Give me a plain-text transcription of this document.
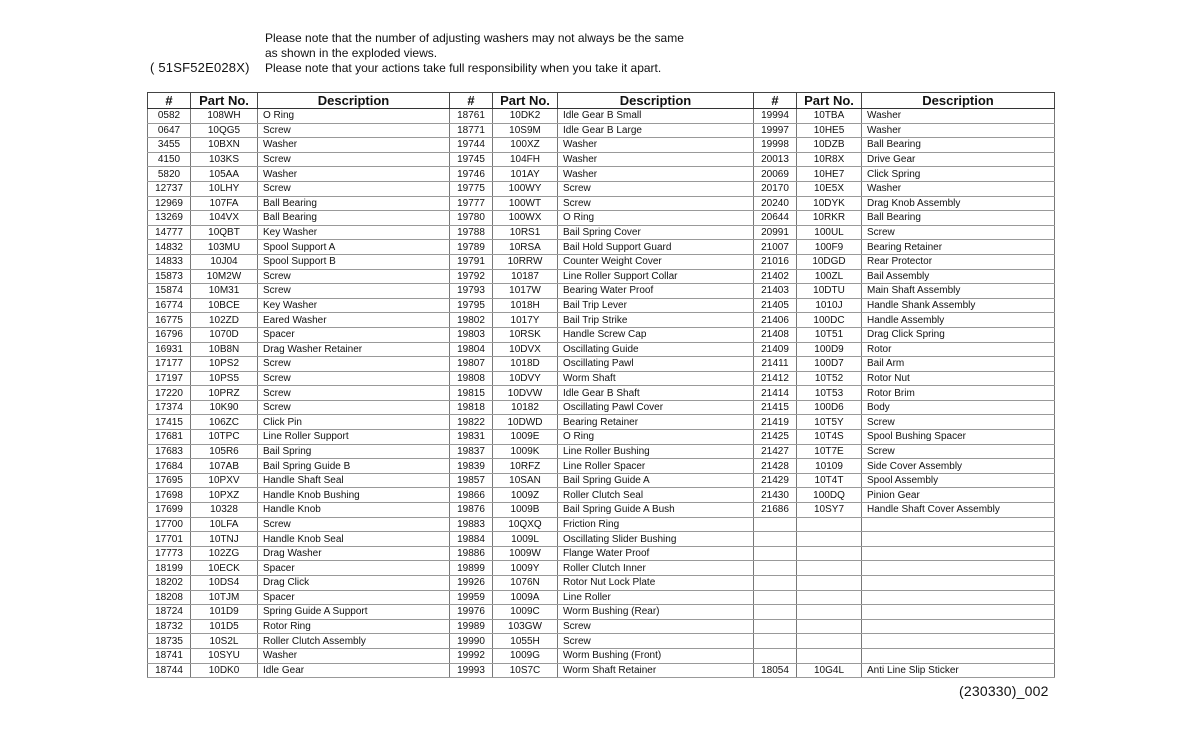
Please note that the number of adjusting washers may not always be the same
as shown in the exploded views.
Please note that your actions take full responsibility when you take it apart.
( 51SF52E028X)
#	Part No.	Description	#	Part No.	Description	#	Part No.	Description
0582	108WH	O Ring	18761	10DK2	Idle Gear B Small	19994	10TBA	Washer
0647	10QG5	Screw	18771	10S9M	Idle Gear B Large	19997	10HE5	Washer
3455	10BXN	Washer	19744	100XZ	Washer	19998	10DZB	Ball Bearing
4150	103KS	Screw	19745	104FH	Washer	20013	10R8X	Drive Gear
5820	105AA	Washer	19746	101AY	Washer	20069	10HE7	Click Spring
12737	10LHY	Screw	19775	100WY	Screw	20170	10E5X	Washer
12969	107FA	Ball Bearing	19777	100WT	Screw	20240	10DYK	Drag Knob Assembly
13269	104VX	Ball Bearing	19780	100WX	O Ring	20644	10RKR	Ball Bearing
14777	10QBT	Key Washer	19788	10RS1	Bail Spring Cover	20991	100UL	Screw
14832	103MU	Spool Support A	19789	10RSA	Bail Hold Support Guard	21007	100F9	Bearing Retainer
14833	10J04	Spool Support B	19791	10RRW	Counter Weight Cover	21016	10DGD	Rear Protector
15873	10M2W	Screw	19792	10187	Line Roller Support Collar	21402	100ZL	Bail Assembly
15874	10M31	Screw	19793	1017W	Bearing Water Proof	21403	10DTU	Main Shaft Assembly
16774	10BCE	Key Washer	19795	1018H	Bail Trip Lever	21405	1010J	Handle Shank Assembly
16775	102ZD	Eared Washer	19802	1017Y	Bail Trip Strike	21406	100DC	Handle Assembly
16796	1070D	Spacer	19803	10RSK	Handle Screw Cap	21408	10T51	Drag Click Spring
16931	10B8N	Drag Washer Retainer	19804	10DVX	Oscillating Guide	21409	100D9	Rotor
17177	10PS2	Screw	19807	1018D	Oscillating Pawl	21411	100D7	Bail Arm
17197	10PS5	Screw	19808	10DVY	Worm Shaft	21412	10T52	Rotor Nut
17220	10PRZ	Screw	19815	10DVW	Idle Gear B Shaft	21414	10T53	Rotor Brim
17374	10K90	Screw	19818	10182	Oscillating Pawl Cover	21415	100D6	Body
17415	106ZC	Click Pin	19822	10DWD	Bearing Retainer	21419	10T5Y	Screw
17681	10TPC	Line Roller Support	19831	1009E	O Ring	21425	10T4S	Spool Bushing Spacer
17683	105R6	Bail Spring	19837	1009K	Line Roller Bushing	21427	10T7E	Screw
17684	107AB	Bail Spring Guide B	19839	10RFZ	Line Roller Spacer	21428	10109	Side Cover Assembly
17695	10PXV	Handle Shaft Seal	19857	10SAN	Bail Spring Guide A	21429	10T4T	Spool Assembly
17698	10PXZ	Handle Knob Bushing	19866	1009Z	Roller Clutch Seal	21430	100DQ	Pinion Gear
17699	10328	Handle Knob	19876	1009B	Bail Spring Guide A Bush	21686	10SY7	Handle Shaft Cover Assembly
17700	10LFA	Screw	19883	10QXQ	Friction Ring			
17701	10TNJ	Handle Knob Seal	19884	1009L	Oscillating Slider Bushing			
17773	102ZG	Drag Washer	19886	1009W	Flange Water Proof			
18199	10ECK	Spacer	19899	1009Y	Roller Clutch Inner			
18202	10DS4	Drag Click	19926	1076N	Rotor Nut Lock Plate			
18208	10TJM	Spacer	19959	1009A	Line Roller			
18724	101D9	Spring Guide A Support	19976	1009C	Worm Bushing (Rear)			
18732	101D5	Rotor Ring	19989	103GW	Screw			
18735	10S2L	Roller Clutch Assembly	19990	1055H	Screw			
18741	10SYU	Washer	19992	1009G	Worm Bushing (Front)			
18744	10DK0	Idle Gear	19993	10S7C	Worm Shaft Retainer	18054	10G4L	Anti Line Slip Sticker
(230330)_002
